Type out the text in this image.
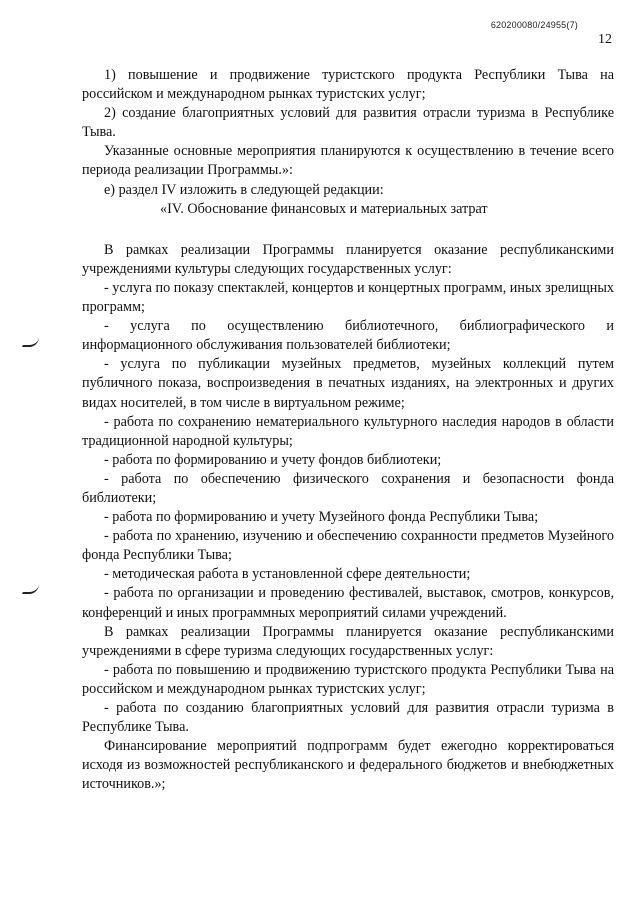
620200080/24955(7)
12

1) повышение и продвижение туристского продукта Республики Тыва на российском и международном рынках туристских услуг;

2) создание благоприятных условий для развития отрасли туризма в Республике Тыва.

Указанные основные мероприятия планируются к осуществлению в течение всего периода реализации Программы.»:

е) раздел IV изложить в следующей редакции:

«IV. Обоснование финансовых и материальных затрат

В рамках реализации Программы планируется оказание республиканскими учреждениями культуры следующих государственных услуг:

- услуга по показу спектаклей, концертов и концертных программ, иных зрелищных программ;

- услуга по осуществлению библиотечного, библиографического и информационного обслуживания пользователей библиотеки;

- услуга по публикации музейных предметов, музейных коллекций путем публичного показа, воспроизведения в печатных изданиях, на электронных и других видах носителей, в том числе в виртуальном режиме;

- работа по сохранению нематериального культурного наследия народов в области традиционной народной культуры;

- работа по формированию и учету фондов библиотеки;

- работа по обеспечению физического сохранения и безопасности фонда библиотеки;

- работа по формированию и учету Музейного фонда Республики Тыва;

- работа по хранению, изучению и обеспечению сохранности предметов Музейного фонда Республики Тыва;

- методическая работа в установленной сфере деятельности;

- работа по организации и проведению фестивалей, выставок, смотров, конкурсов, конференций и иных программных мероприятий силами учреждений.

В рамках реализации Программы планируется оказание республиканскими учреждениями в сфере туризма следующих государственных услуг:

- работа по повышению и продвижению туристского продукта Республики Тыва на российском и международном рынках туристских услуг;

- работа по созданию благоприятных условий для развития отрасли туризма в Республике Тыва.

Финансирование мероприятий подпрограмм будет ежегодно корректироваться исходя из возможностей республиканского и федерального бюджетов и внебюджетных источников.»;
